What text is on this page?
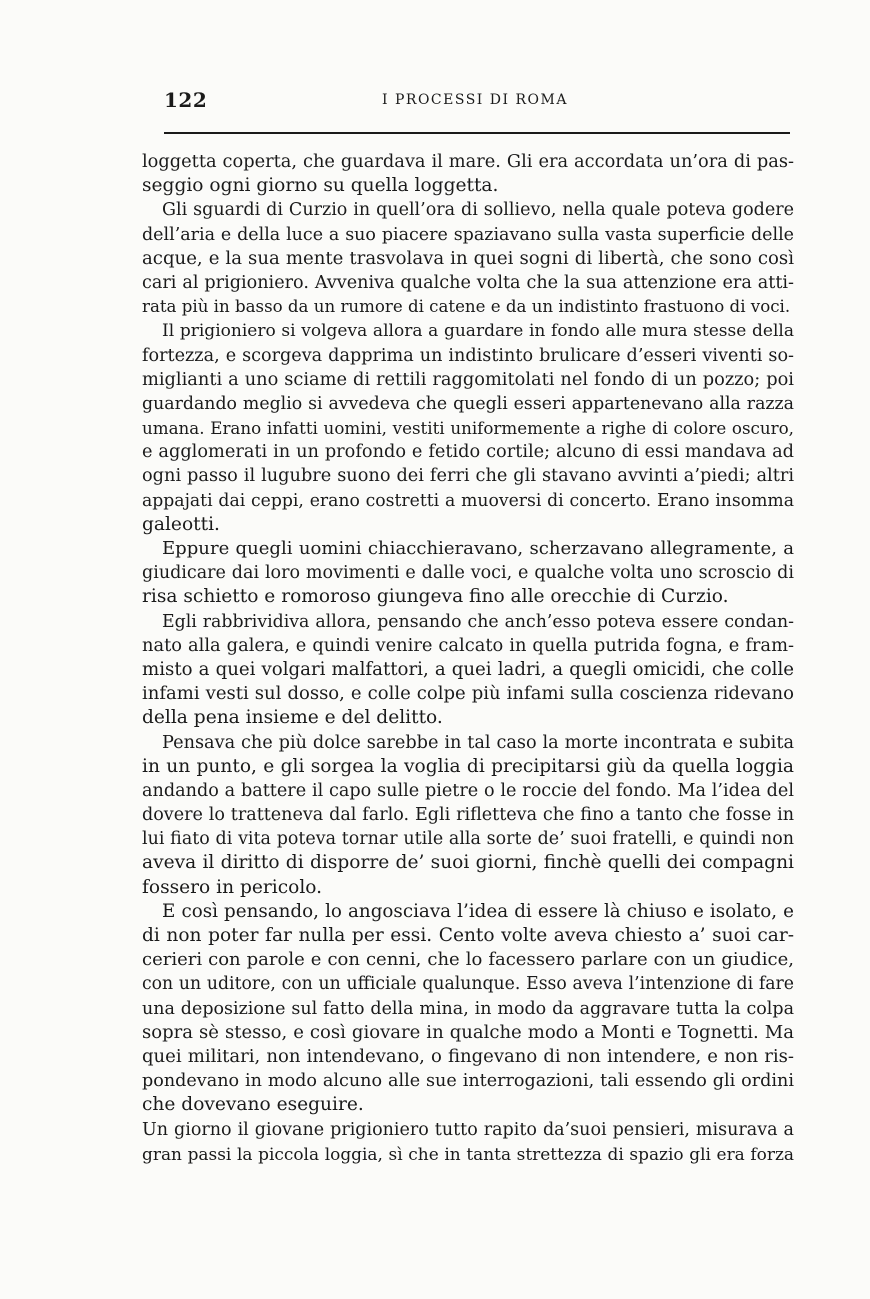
122	I PROCESSI DI ROMA
loggetta coperta, che guardava il mare. Gli era accordata un’ora di pas-
seggio ogni giorno su quella loggetta.
Gli sguardi di Curzio in quell’ora di sollievo, nella quale poteva godere
dell’aria e della luce a suo piacere spaziavano sulla vasta superficie delle
acque, e la sua mente trasvolava in quei sogni di libertà, che sono così
cari al prigioniero. Avveniva qualche volta che la sua attenzione era atti-
rata più in basso da un rumore di catene e da un indistinto frastuono di voci.
Il prigioniero si volgeva allora a guardare in fondo alle mura stesse della
fortezza, e scorgeva dapprima un indistinto brulicare d’esseri viventi so-
miglianti a uno sciame di rettili raggomitolati nel fondo di un pozzo; poi
guardando meglio si avvedeva che quegli esseri appartenevano alla razza
umana. Erano infatti uomini, vestiti uniformemente a righe di colore oscuro,
e agglomerati in un profondo e fetido cortile; alcuno di essi mandava ad
ogni passo il lugubre suono dei ferri che gli stavano avvinti a’piedi; altri
appajati dai ceppi, erano costretti a muoversi di concerto. Erano insomma
galeotti.
Eppure quegli uomini chiacchieravano, scherzavano allegramente, a
giudicare dai loro movimenti e dalle voci, e qualche volta uno scroscio di
risa schietto e romoroso giungeva fino alle orecchie di Curzio.
Egli rabbrividiva allora, pensando che anch’esso poteva essere condan-
nato alla galera, e quindi venire calcato in quella putrida fogna, e fram-
misto a quei volgari malfattori, a quei ladri, a quegli omicidi, che colle
infami vesti sul dosso, e colle colpe più infami sulla coscienza ridevano
della pena insieme e del delitto.
Pensava che più dolce sarebbe in tal caso la morte incontrata e subita
in un punto, e gli sorgea la voglia di precipitarsi giù da quella loggia
andando a battere il capo sulle pietre o le roccie del fondo. Ma l’idea del
dovere lo tratteneva dal farlo. Egli rifletteva che fino a tanto che fosse in
lui fiato di vita poteva tornar utile alla sorte de’ suoi fratelli, e quindi non
aveva il diritto di disporre de’ suoi giorni, finchè quelli dei compagni
fossero in pericolo.
E così pensando, lo angosciava l’idea di essere là chiuso e isolato, e
di non poter far nulla per essi. Cento volte aveva chiesto a’ suoi car-
cerieri con parole e con cenni, che lo facessero parlare con un giudice,
con un uditore, con un ufficiale qualunque. Esso aveva l’intenzione di fare
una deposizione sul fatto della mina, in modo da aggravare tutta la colpa
sopra sè stesso, e così giovare in qualche modo a Monti e Tognetti. Ma
quei militari, non intendevano, o fingevano di non intendere, e non ris-
pondevano in modo alcuno alle sue interrogazioni, tali essendo gli ordini
che dovevano eseguire.
Un giorno il giovane prigioniero tutto rapito da’suoi pensieri, misurava a
gran passi la piccola loggia, sì che in tanta strettezza di spazio gli era forza
